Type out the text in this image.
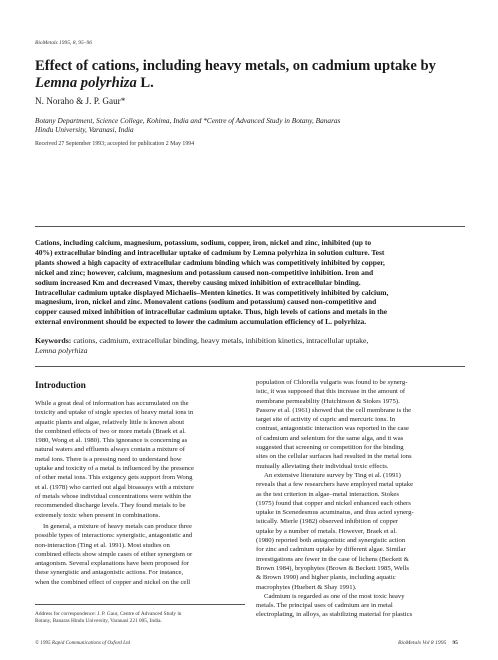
BioMetals 1995, 8, 95–96
Effect of cations, including heavy metals, on cadmium uptake by Lemna polyrhiza L.
N. Noraho & J. P. Gaur*
Botany Department, Science College, Kohima, India and *Centre of Advanced Study in Botany, Banaras
Hindu University, Varanasi, India
Received 27 September 1993; accepted for publication 2 May 1994
Cations, including calcium, magnesium, potassium, sodium, copper, iron, nickel and zinc, inhibited (up to
40%) extracellular binding and intracellular uptake of cadmium by Lemna polyrhiza in solution culture. Test
plants showed a high capacity of extracellular cadmium binding which was competitively inhibited by copper,
nickel and zinc; however, calcium, magnesium and potassium caused non-competitive inhibition. Iron and
sodium increased Km and decreased Vmax, thereby causing mixed inhibition of extracellular binding.
Intracellular cadmium uptake displayed Michaelis–Menten kinetics. It was competitively inhibited by calcium,
magnesium, iron, nickel and zinc. Monovalent cations (sodium and potassium) caused non-competitive and
copper caused mixed inhibition of intracellular cadmium uptake. Thus, high levels of cations and metals in the
external environment should be expected to lower the cadmium accumulation efficiency of L. polyrhiza.
Keywords: cations, cadmium, extracellular binding, heavy metals, inhibition kinetics, intracellular uptake,
Lemna polyrhiza
Introduction
While a great deal of information has accumulated on the
toxicity and uptake of single species of heavy metal ions in
aquatic plants and algae, relatively little is known about
the combined effects of two or more metals (Braek et al.
1980, Wong et al. 1980). This ignorance is concerning as
natural waters and effluents always contain a mixture of
metal ions. There is a pressing need to understand how
uptake and toxicity of a metal is influenced by the presence
of other metal ions. This exigency gets support from Wong
et al. (1978) who carried out algal bioassays with a mixture
of metals whose individual concentrations were within the
recommended discharge levels. They found metals to be
extremely toxic when present in combinations.
In general, a mixture of heavy metals can produce three
possible types of interactions: synergistic, antagonistic and
non-interaction (Ting et al. 1991). Most studies on
combined effects show simple cases of either synergism or
antagonism. Several explanations have been proposed for
these synergistic and antagonistic actions. For instance,
when the combined effect of copper and nickel on the cell
population of Chlorella vulgaris was found to be synerg-
istic, it was supposed that this increase in the amount of
membrane permeability (Hutchinson & Stokes 1975).
Passow et al. (1961) showed that the cell membrane is the
target site of activity of cupric and mercuric ions. In
contrast, antagonistic interaction was reported in the case
of cadmium and selenium for the same alga, and it was
suggested that screening or competition for the binding
sites on the cellular surfaces had resulted in the metal ions
mutually alleviating their individual toxic effects.
An extensive literature survey by Ting et al. (1991)
reveals that a few researchers have employed metal uptake
as the test criterion in algae–metal interaction. Stokes
(1975) found that copper and nickel enhanced each others
uptake in Scenedesmus acuminatus, and thus acted synerg-
istically. Mierle (1982) observed inhibition of copper
uptake by a number of metals. However, Braek et al.
(1980) reported both antagonistic and synergistic action
for zinc and cadmium uptake by different algae. Similar
investigations are fewer in the case of lichens (Beckett &
Brown 1984), bryophytes (Brown & Beckett 1985, Wells
& Brown 1990) and higher plants, including aquatic
macrophytes (Huebert & Shay 1991).
Cadmium is regarded as one of the most toxic heavy
metals. The principal uses of cadmium are in metal
electroplating, in alloys, as stabilizing material for plastics
Address for correspondence: J. P. Gaur, Centre of Advanced Study in
Botany, Banaras Hindu University, Varanasi 221 005, India.
© 1995 Rapid Communications of Oxford Ltd	BioMetals Vol 8 1995 95
